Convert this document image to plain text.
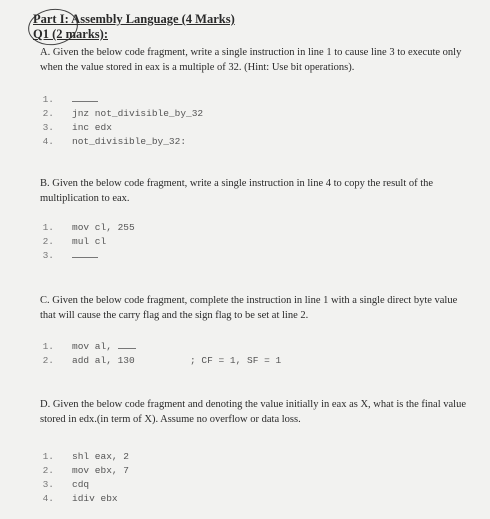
Part I: Assembly Language (4 Marks)
Q1 (2 marks):
A. Given the below code fragment, write a single instruction in line 1 to cause line 3 to execute only when the value stored in eax is a multiple of 32. (Hint: Use bit operations).
1.
2. jnz not_divisible_by_32
3. inc edx
4. not_divisible_by_32:
B. Given the below code fragment, write a single instruction in line 4 to copy the result of the multiplication to eax.
1. mov cl, 255
2. mul cl
3.
C. Given the below code fragment, complete the instruction in line 1 with a single direct byte value that will cause the carry flag and the sign flag to be set at line 2.
1. mov al,
2. add al, 130	; CF = 1, SF = 1
D. Given the below code fragment and denoting the value initially in eax as X, what is the final value stored in edx.(in term of X). Assume no overflow or data loss.
1. shl eax, 2
2. mov ebx, 7
3. cdq
4. idiv ebx
